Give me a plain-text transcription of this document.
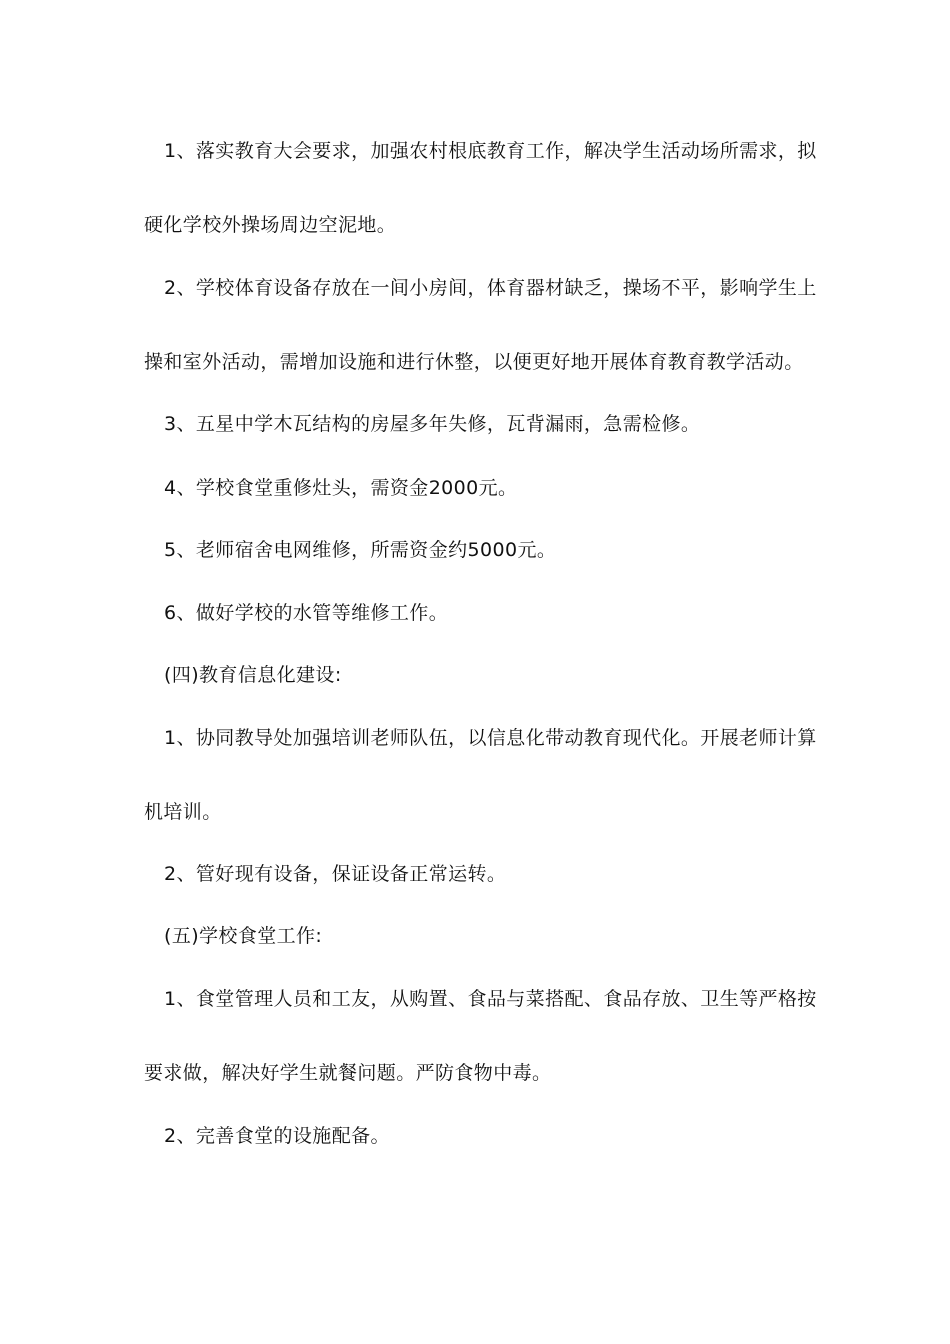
1、落实教育大会要求，加强农村根底教育工作，解决学生活动场所需求，拟
硬化学校外操场周边空泥地。
2、学校体育设备存放在一间小房间，体育器材缺乏，操场不平，影响学生上
操和室外活动，需增加设施和进行休整，以便更好地开展体育教育教学活动。
3、五星中学木瓦结构的房屋多年失修，瓦背漏雨，急需检修。
4、学校食堂重修灶头，需资金2000元。
5、老师宿舍电网维修，所需资金约5000元。
6、做好学校的水管等维修工作。
(四)教育信息化建设:
1、协同教导处加强培训老师队伍，以信息化带动教育现代化。开展老师计算
机培训。
2、管好现有设备，保证设备正常运转。
(五)学校食堂工作:
1、食堂管理人员和工友，从购置、食品与菜搭配、食品存放、卫生等严格按
要求做，解决好学生就餐问题。严防食物中毒。
2、完善食堂的设施配备。
